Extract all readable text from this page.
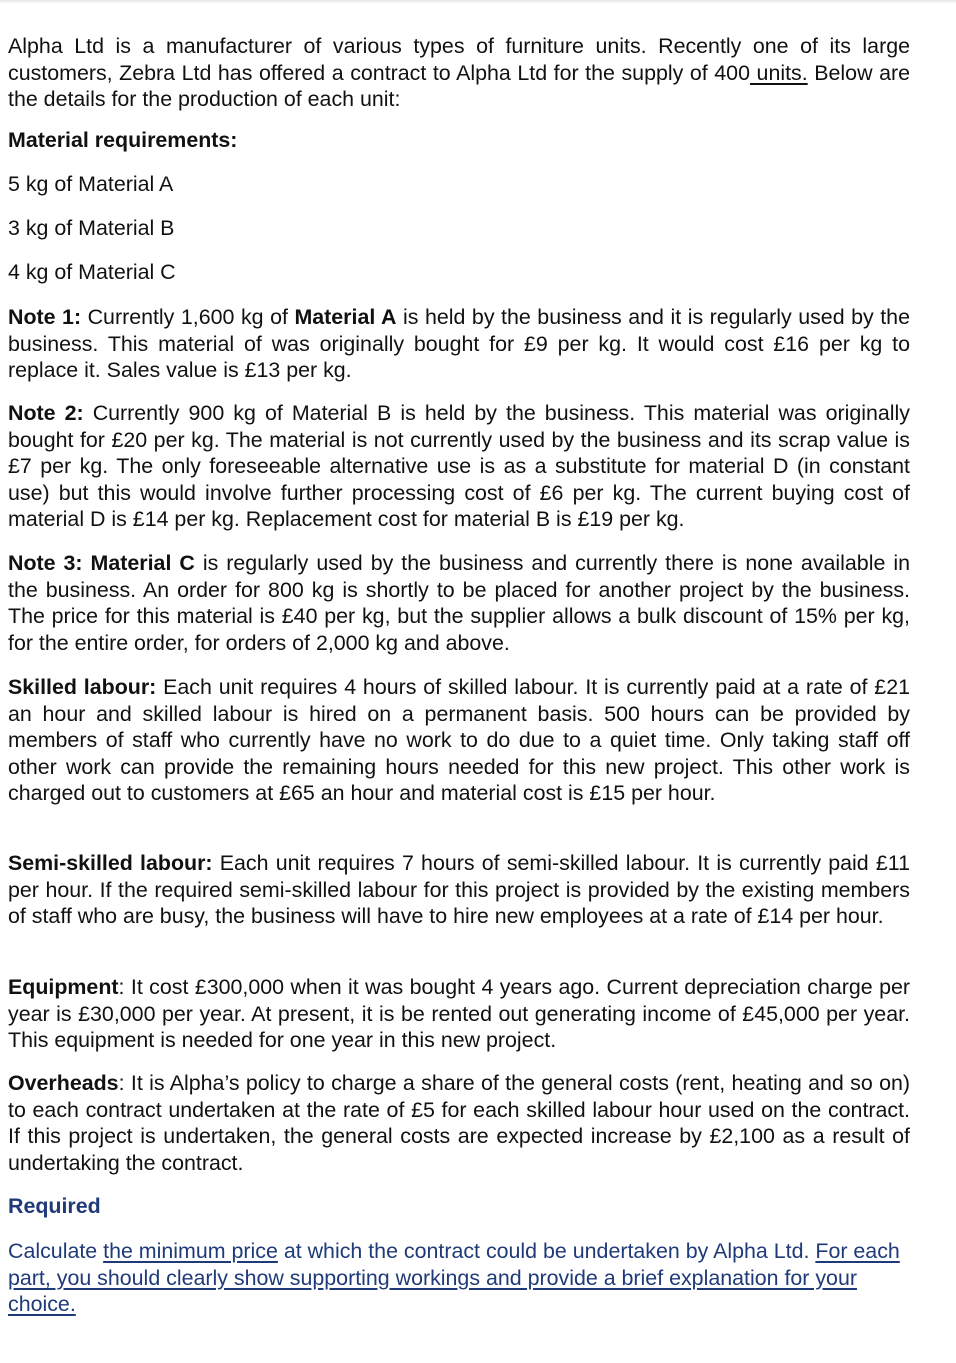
Alpha Ltd is a manufacturer of various types of furniture units. Recently one of its large customers, Zebra Ltd has offered a contract to Alpha Ltd for the supply of 400 units. Below are the details for the production of each unit:

Material requirements:

5 kg of Material A

3 kg of Material B

4 kg of Material C

Note 1: Currently 1,600 kg of Material A is held by the business and it is regularly used by the business. This material of was originally bought for £9 per kg. It would cost £16 per kg to replace it. Sales value is £13 per kg.

Note 2: Currently 900 kg of Material B is held by the business. This material was originally bought for £20 per kg. The material is not currently used by the business and its scrap value is £7 per kg. The only foreseeable alternative use is as a substitute for material D (in constant use) but this would involve further processing cost of £6 per kg. The current buying cost of material D is £14 per kg. Replacement cost for material B is £19 per kg.

Note 3: Material C is regularly used by the business and currently there is none available in the business. An order for 800 kg is shortly to be placed for another project by the business. The price for this material is £40 per kg, but the supplier allows a bulk discount of 15% per kg, for the entire order, for orders of 2,000 kg and above.

Skilled labour: Each unit requires 4 hours of skilled labour. It is currently paid at a rate of £21 an hour and skilled labour is hired on a permanent basis. 500 hours can be provided by members of staff who currently have no work to do due to a quiet time. Only taking staff off other work can provide the remaining hours needed for this new project. This other work is charged out to customers at £65 an hour and material cost is £15 per hour.

Semi-skilled labour: Each unit requires 7 hours of semi-skilled labour. It is currently paid £11 per hour. If the required semi-skilled labour for this project is provided by the existing members of staff who are busy, the business will have to hire new employees at a rate of £14 per hour.

Equipment: It cost £300,000 when it was bought 4 years ago. Current depreciation charge per year is £30,000 per year. At present, it is be rented out generating income of £45,000 per year. This equipment is needed for one year in this new project.

Overheads: It is Alpha’s policy to charge a share of the general costs (rent, heating and so on) to each contract undertaken at the rate of £5 for each skilled labour hour used on the contract. If this project is undertaken, the general costs are expected increase by £2,100 as a result of undertaking the contract.

Required

Calculate the minimum price at which the contract could be undertaken by Alpha Ltd. For each part, you should clearly show supporting workings and provide a brief explanation for your choice.
